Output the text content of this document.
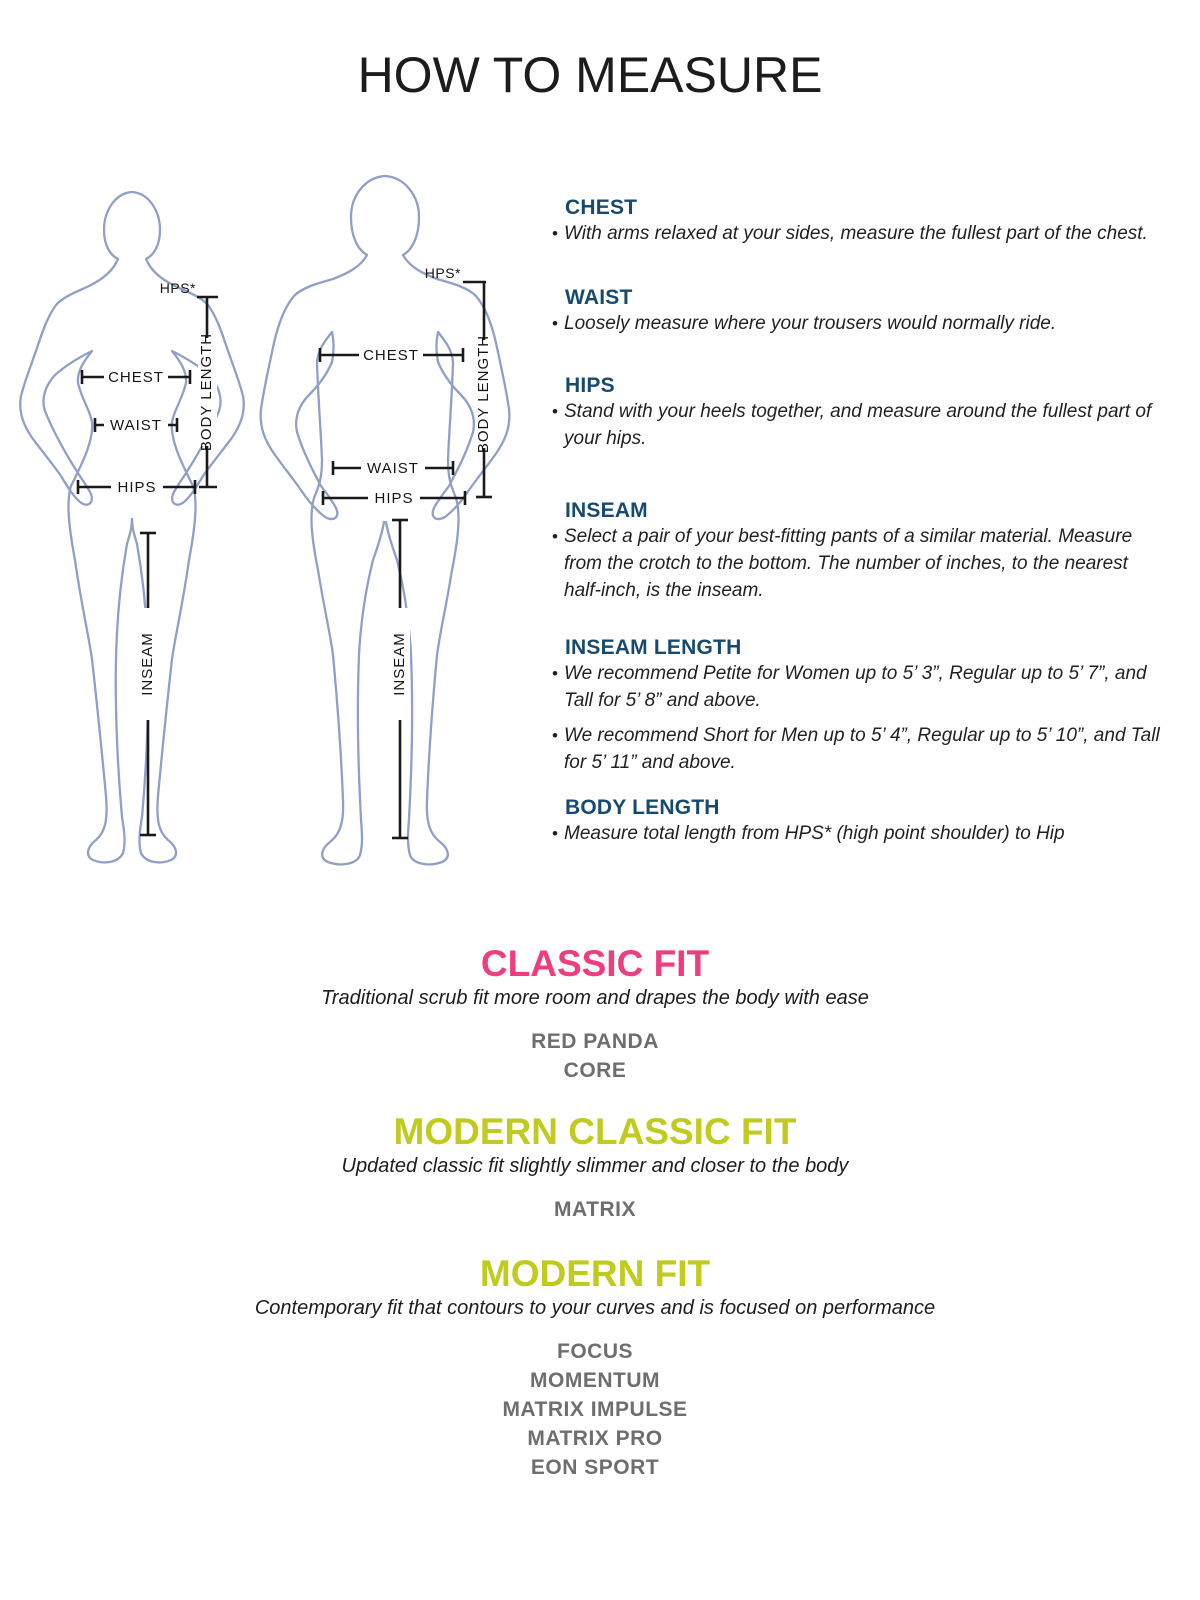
HOW TO MEASURE
BODY LENGTH
HPS*
CHEST
WAIST
HIPS
INSEAM
BODY LENGTH
HPS*
CHEST
WAIST
HIPS
INSEAM
CHEST

• With arms relaxed at your sides, measure the fullest part of the chest.

WAIST

• Loosely measure where your trousers would normally ride.

HIPS

• Stand with your heels together, and measure around the fullest part of your hips.

INSEAM

• Select a pair of your best-fitting pants of a similar material. Measure from the crotch to the bottom. The number of inches, to the nearest half-inch, is the inseam.

INSEAM LENGTH

• We recommend Petite for Women up to 5’ 3”, Regular up to 5’ 7”, and Tall for 5’ 8” and above.

• We recommend Short for Men up to 5’ 4”, Regular up to 5’ 10”, and Tall for 5’ 11” and above.

BODY LENGTH

• Measure total length from HPS* (high point shoulder) to Hip

CLASSIC FIT
Traditional scrub fit more room and drapes the body with ease
RED PANDA
CORE
MODERN CLASSIC FIT
Updated classic fit slightly slimmer and closer to the body
MATRIX
MODERN FIT
Contemporary fit that contours to your curves and is focused on performance
FOCUS
MOMENTUM
MATRIX IMPULSE
MATRIX PRO
EON SPORT
